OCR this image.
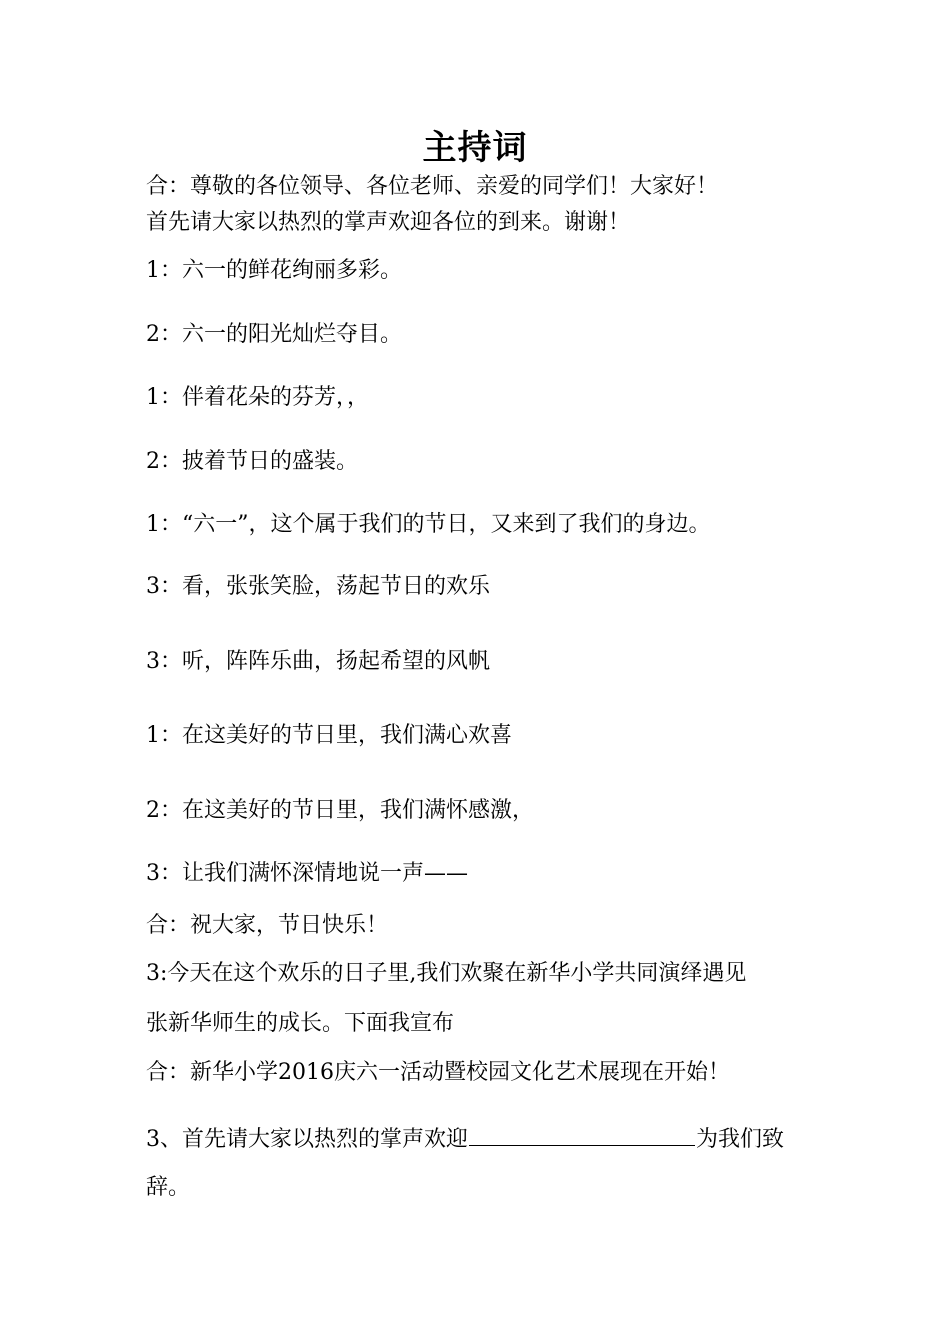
主持词
合：尊敬的各位领导、各位老师、亲爱的同学们！大家好！
首先请大家以热烈的掌声欢迎各位的到来。谢谢！
1：六一的鲜花绚丽多彩。
2：六一的阳光灿烂夺目。
1：伴着花朵的芬芳，，
2：披着节日的盛装。
1：“六一”，这个属于我们的节日，又来到了我们的身边。
3：看，张张笑脸，荡起节日的欢乐
3：听，阵阵乐曲，扬起希望的风帆
1：在这美好的节日里，我们满心欢喜
2：在这美好的节日里，我们满怀感激，
3：让我们满怀深情地说一声——
合：祝大家，节日快乐！
3:今天在这个欢乐的日子里,我们欢聚在新华小学共同演绎遇见
张新华师生的成长。下面我宣布
合：新华小学2016庆六一活动暨校园文化艺术展现在开始！
3、首先请大家以热烈的掌声欢迎	为我们致
辞。
